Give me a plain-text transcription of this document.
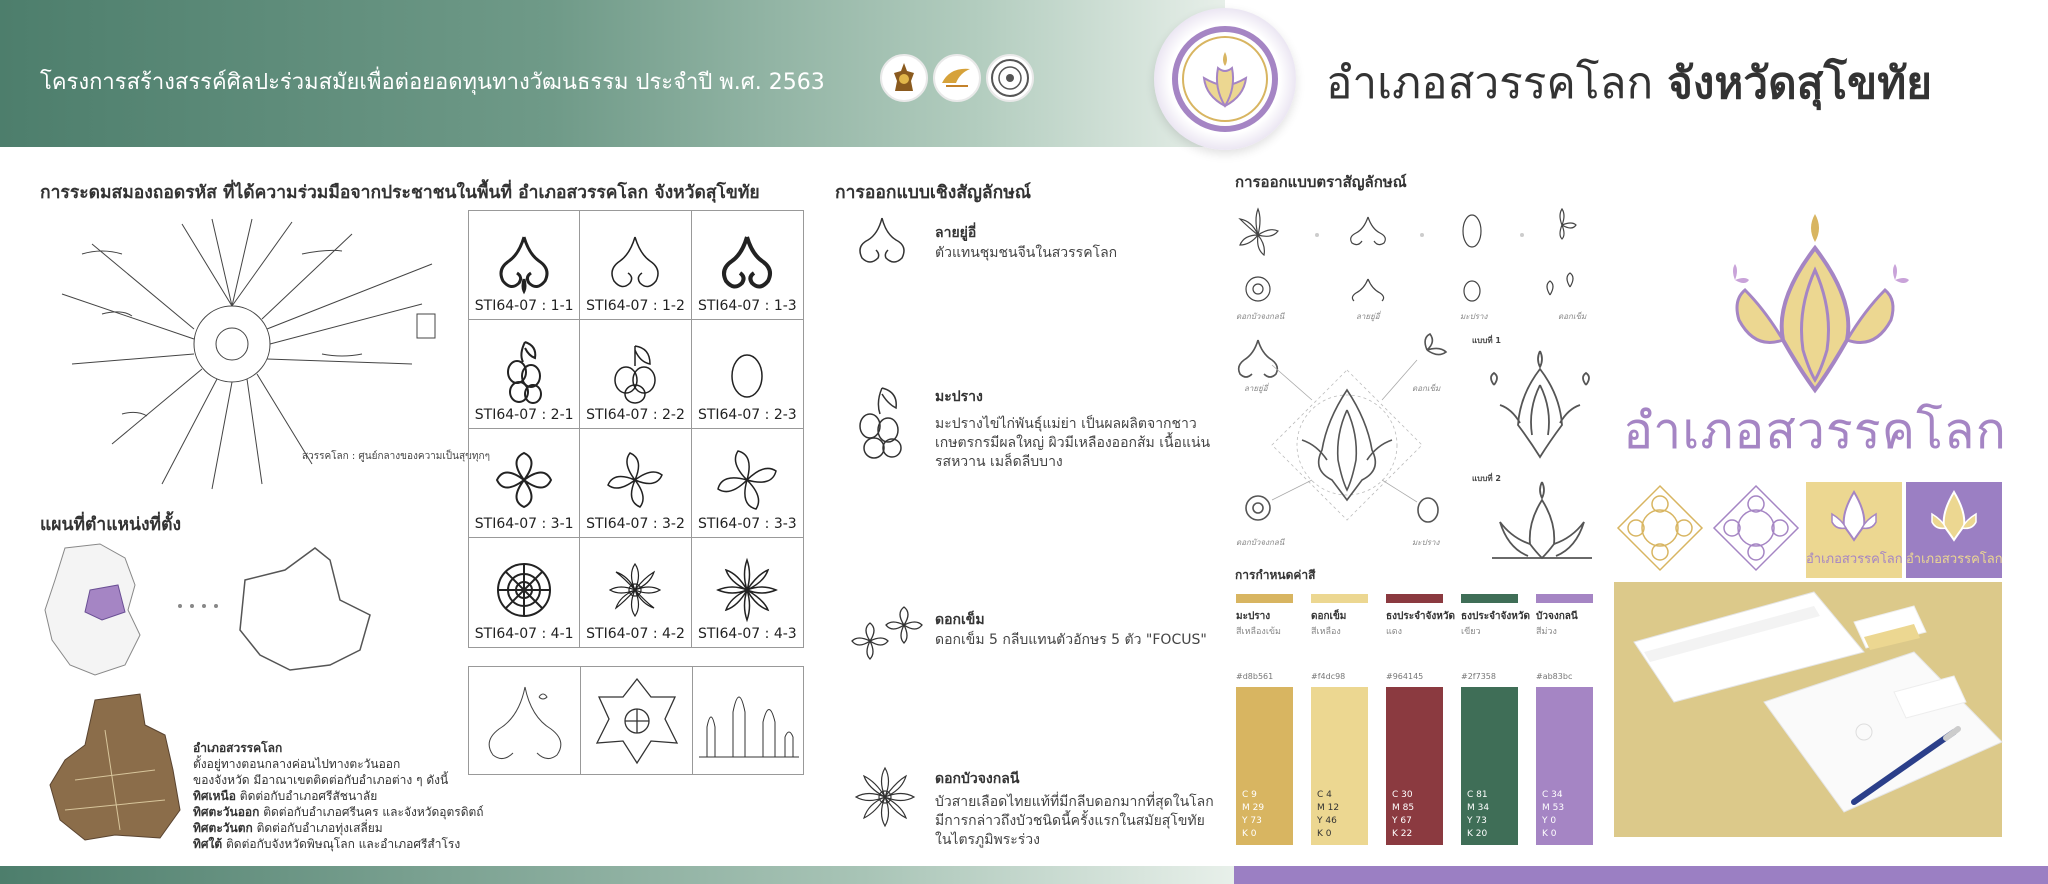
โครงการสร้างสรรค์ศิลปะร่วมสมัยเพื่อต่อยอดทุนทางวัฒนธรรม ประจำปี พ.ศ. 2563	อำเภอสวรรคโลก จังหวัดสุโขทัย
การระดมสมองถอดรหัส ที่ได้ความร่วมมือจากประชาชนในพื้นที่ อำเภอสวรรคโลก จังหวัดสุโขทัย
สวรรคโลก : ศูนย์กลางของความเป็นสุขทุกๆ
แผนที่ตำแหน่งที่ตั้ง
อำเภอสวรรคโลก
ตั้งอยู่ทางตอนกลางค่อนไปทางตะวันออก
ของจังหวัด มีอาณาเขตติดต่อกับอำเภอต่าง ๆ ดังนี้
ทิศเหนือ ติดต่อกับอำเภอศรีสัชนาลัย
ทิศตะวันออก ติดต่อกับอำเภอศรีนคร และจังหวัดอุตรดิตถ์
ทิศตะวันตก ติดต่อกับอำเภอทุ่งเสลี่ยม
ทิศใต้ ติดต่อกับจังหวัดพิษณุโลก และอำเภอศรีสำโรง
STI64-07 : 1-1 STI64-07 : 1-2 STI64-07 : 1-3
STI64-07 : 2-1 STI64-07 : 2-2 STI64-07 : 2-3
STI64-07 : 3-1 STI64-07 : 3-2 STI64-07 : 3-3
STI64-07 : 4-1 STI64-07 : 4-2 STI64-07 : 4-3
การออกแบบเชิงสัญลักษณ์
ลายยู่อี่
ตัวแทนชุมชนจีนในสวรรคโลก
มะปราง
มะปรางไข่ไก่พันธุ์แม่ย่า เป็นผลผลิตจากชาว
เกษตรกรมีผลใหญ่ ผิวมีเหลืองออกส้ม เนื้อแน่น
รสหวาน เมล็ดลีบบาง
ดอกเข็ม
ดอกเข็ม 5 กลีบแทนตัวอักษร 5 ตัว "FOCUS"
ดอกบัวจงกลนี
บัวสายเลือดไทยแท้ที่มีกลีบดอกมากที่สุดในโลก
มีการกล่าวถึงบัวชนิดนี้ครั้งแรกในสมัยสุโขทัย
ในไตรภูมิพระร่วง
การออกแบบตราสัญลักษณ์
ดอกบัวจงกลนี	ลายยู่อี่	มะปราง	ดอกเข็ม
ลายยู่อี่	ดอกเข็ม
ดอกบัวจงกลนี	มะปราง
แบบที่ 1
แบบที่ 2
อำเภอสวรรคโลก
อำเภอสวรรคโลก อำเภอสวรรคโลก
การกำหนดค่าสี
มะปราง
สีเหลืองเข้ม
#d8b561
C 9
M 29
Y 73
K 0
ดอกเข็ม
สีเหลือง
#f4dc98
C 4
M 12
Y 46
K 0
ธงประจำจังหวัด
แดง
#964145
C 30
M 85
Y 67
K 22
ธงประจำจังหวัด
เขียว
#2f7358
C 81
M 34
Y 73
K 20
บัวจงกลนี
สีม่วง
#ab83bc
C 34
M 53
Y 0
K 0
